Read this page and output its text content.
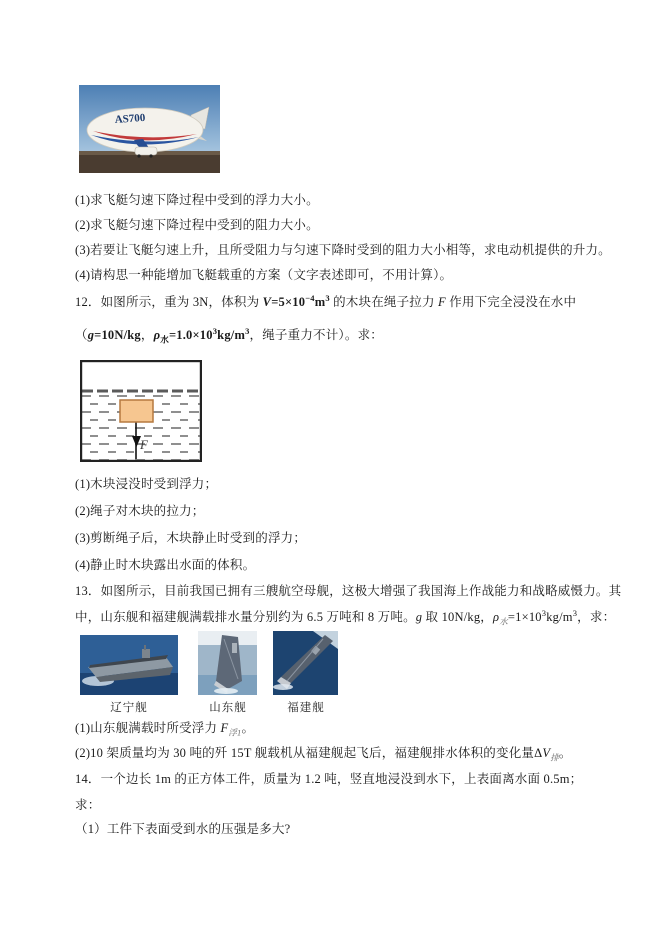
AS700
(1)求飞艇匀速下降过程中受到的浮力大小。
(2)求飞艇匀速下降过程中受到的阻力大小。
(3)若要让飞艇匀速上升，且所受阻力与匀速下降时受到的阻力大小相等，求电动机提供的升力。
(4)请构思一种能增加飞艇载重的方案（文字表述即可，不用计算）。
12．如图所示，重为 3N，体积为 $V=5\times 10^{-4}m^3$ 的木块在绳子拉力 F 作用下完全浸没在水中
（g=10N/kg，$\rho_水=1.0\times 10^3kg/m^3$，绳子重力不计）。求：
F
(1)木块浸没时受到浮力；
(2)绳子对木块的拉力；
(3)剪断绳子后，木块静止时受到的浮力；
(4)静止时木块露出水面的体积。
13．如图所示，目前我国已拥有三艘航空母舰，这极大增强了我国海上作战能力和战略威慑力。其
中，山东舰和福建舰满载排水量分别约为 6.5 万吨和 8 万吨。g 取 10N/kg，$\rho_水=1\times 10^3kg/m^3$，求：
辽宁舰	山东舰	福建舰
(1)山东舰满载时所受浮力 $F_{浮1}$。
(2)10 架质量均为 30 吨的歼 15T 舰载机从福建舰起飞后，福建舰排水体积的变化量$\Delta V_排$。
14．一个边长 1m 的正方体工件，质量为 1.2 吨，竖直地浸没到水下，上表面离水面 0.5m；
求：
（1）工件下表面受到水的压强是多大?
